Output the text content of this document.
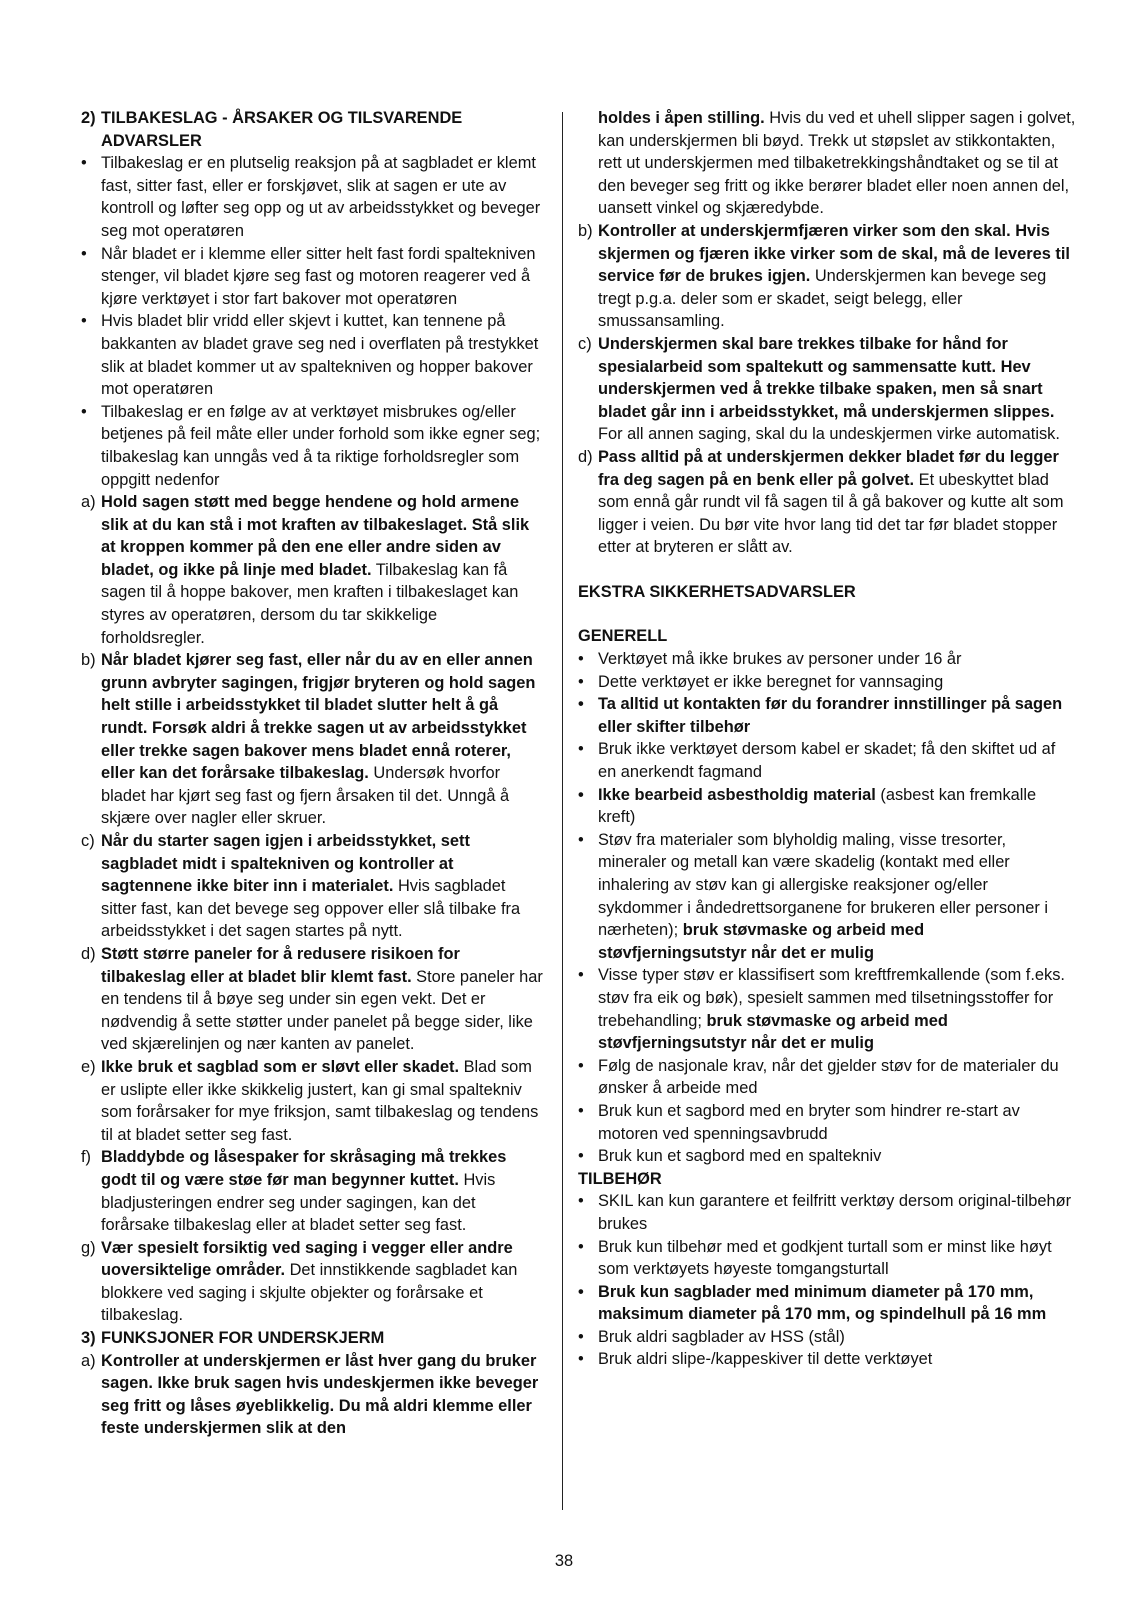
2) TILBAKESLAG - ÅRSAKER OG TILSVARENDE ADVARSLER
• Tilbakeslag er en plutselig reaksjon på at sagbladet er klemt fast, sitter fast, eller er forskjøvet, slik at sagen er ute av kontroll og løfter seg opp og ut av arbeidsstykket og beveger seg mot operatøren
• Når bladet er i klemme eller sitter helt fast fordi spaltekniven stenger, vil bladet kjøre seg fast og motoren reagerer ved å kjøre verktøyet i stor fart bakover mot operatøren
• Hvis bladet blir vridd eller skjevt i kuttet, kan tennene på bakkanten av bladet grave seg ned i overflaten på trestykket slik at bladet kommer ut av spaltekniven og hopper bakover mot operatøren
• Tilbakeslag er en følge av at verktøyet misbrukes og/eller betjenes på feil måte eller under forhold som ikke egner seg; tilbakeslag kan unngås ved å ta riktige forholdsregler som oppgitt nedenfor
a) Hold sagen støtt med begge hendene og hold armene slik at du kan stå i mot kraften av tilbakeslaget. Stå slik at kroppen kommer på den ene eller andre siden av bladet, og ikke på linje med bladet. Tilbakeslag kan få sagen til å hoppe bakover, men kraften i tilbakeslaget kan styres av operatøren, dersom du tar skikkelige forholdsregler.
b) Når bladet kjører seg fast, eller når du av en eller annen grunn avbryter sagingen, frigjør bryteren og hold sagen helt stille i arbeidsstykket til bladet slutter helt å gå rundt. Forsøk aldri å trekke sagen ut av arbeidsstykket eller trekke sagen bakover mens bladet ennå roterer, eller kan det forårsake tilbakeslag. Undersøk hvorfor bladet har kjørt seg fast og fjern årsaken til det. Unngå å skjære over nagler eller skruer.
c) Når du starter sagen igjen i arbeidsstykket, sett sagbladet midt i spaltekniven og kontroller at sagtennene ikke biter inn i materialet. Hvis sagbladet sitter fast, kan det bevege seg oppover eller slå tilbake fra arbeidsstykket i det sagen startes på nytt.
d) Støtt større paneler for å redusere risikoen for tilbakeslag eller at bladet blir klemt fast. Store paneler har en tendens til å bøye seg under sin egen vekt. Det er nødvendig å sette støtter under panelet på begge sider, like ved skjærelinjen og nær kanten av panelet.
e) Ikke bruk et sagblad som er sløvt eller skadet. Blad som er uslipte eller ikke skikkelig justert, kan gi smal spaltekniv som forårsaker for mye friksjon, samt tilbakeslag og tendens til at bladet setter seg fast.
f) Bladdybde og låsespaker for skråsaging må trekkes godt til og være støe før man begynner kuttet. Hvis bladjusteringen endrer seg under sagingen, kan det forårsake tilbakeslag eller at bladet setter seg fast.
g) Vær spesielt forsiktig ved saging i vegger eller andre uoversiktelige områder. Det innstikkende sagbladet kan blokkere ved saging i skjulte objekter og forårsake et tilbakeslag.
3) FUNKSJONER FOR UNDERSKJERM
a) Kontroller at underskjermen er låst hver gang du bruker sagen. Ikke bruk sagen hvis undeskjermen ikke beveger seg fritt og låses øyeblikkelig. Du må aldri klemme eller feste underskjermen slik at den
holdes i åpen stilling. Hvis du ved et uhell slipper sagen i golvet, kan underskjermen bli bøyd. Trekk ut støpslet av stikkontakten, rett ut underskjermen med tilbaketrekkingshåndtaket og se til at den beveger seg fritt og ikke berører bladet eller noen annen del, uansett vinkel og skjæredybde.
b) Kontroller at underskjermfjæren virker som den skal. Hvis skjermen og fjæren ikke virker som de skal, må de leveres til service før de brukes igjen. Underskjermen kan bevege seg tregt p.g.a. deler som er skadet, seigt belegg, eller smussansamling.
c) Underskjermen skal bare trekkes tilbake for hånd for spesialarbeid som spaltekutt og sammensatte kutt. Hev underskjermen ved å trekke tilbake spaken, men så snart bladet går inn i arbeidsstykket, må underskjermen slippes. For all annen saging, skal du la undeskjermen virke automatisk.
d) Pass alltid på at underskjermen dekker bladet før du legger fra deg sagen på en benk eller på golvet. Et ubeskyttet blad som ennå går rundt vil få sagen til å gå bakover og kutte alt som ligger i veien. Du bør vite hvor lang tid det tar før bladet stopper etter at bryteren er slått av.
EKSTRA SIKKERHETSADVARSLER
GENERELL
• Verktøyet må ikke brukes av personer under 16 år
• Dette verktøyet er ikke beregnet for vannsaging
• Ta alltid ut kontakten før du forandrer innstillinger på sagen eller skifter tilbehør
• Bruk ikke verktøyet dersom kabel er skadet; få den skiftet ud af en anerkendt fagmand
• Ikke bearbeid asbestholdig material (asbest kan fremkalle kreft)
• Støv fra materialer som blyholdig maling, visse tresorter, mineraler og metall kan være skadelig (kontakt med eller inhalering av støv kan gi allergiske reaksjoner og/eller sykdommer i åndedrettsorganene for brukeren eller personer i nærheten); bruk støvmaske og arbeid med støvfjerningsutstyr når det er mulig
• Visse typer støv er klassifisert som kreftfremkallende (som f.eks. støv fra eik og bøk), spesielt sammen med tilsetningsstoffer for trebehandling; bruk støvmaske og arbeid med støvfjerningsutstyr når det er mulig
• Følg de nasjonale krav, når det gjelder støv for de materialer du ønsker å arbeide med
• Bruk kun et sagbord med en bryter som hindrer re-start av motoren ved spenningsavbrudd
• Bruk kun et sagbord med en spaltekniv
TILBEHØR
• SKIL kan kun garantere et feilfritt verktøy dersom original-tilbehør brukes
• Bruk kun tilbehør med et godkjent turtall som er minst like høyt som verktøyets høyeste tomgangsturtall
• Bruk kun sagblader med minimum diameter på 170 mm, maksimum diameter på 170 mm, og spindelhull på 16 mm
• Bruk aldri sagblader av HSS (stål)
• Bruk aldri slipe-/kappeskiver til dette verktøyet
38
